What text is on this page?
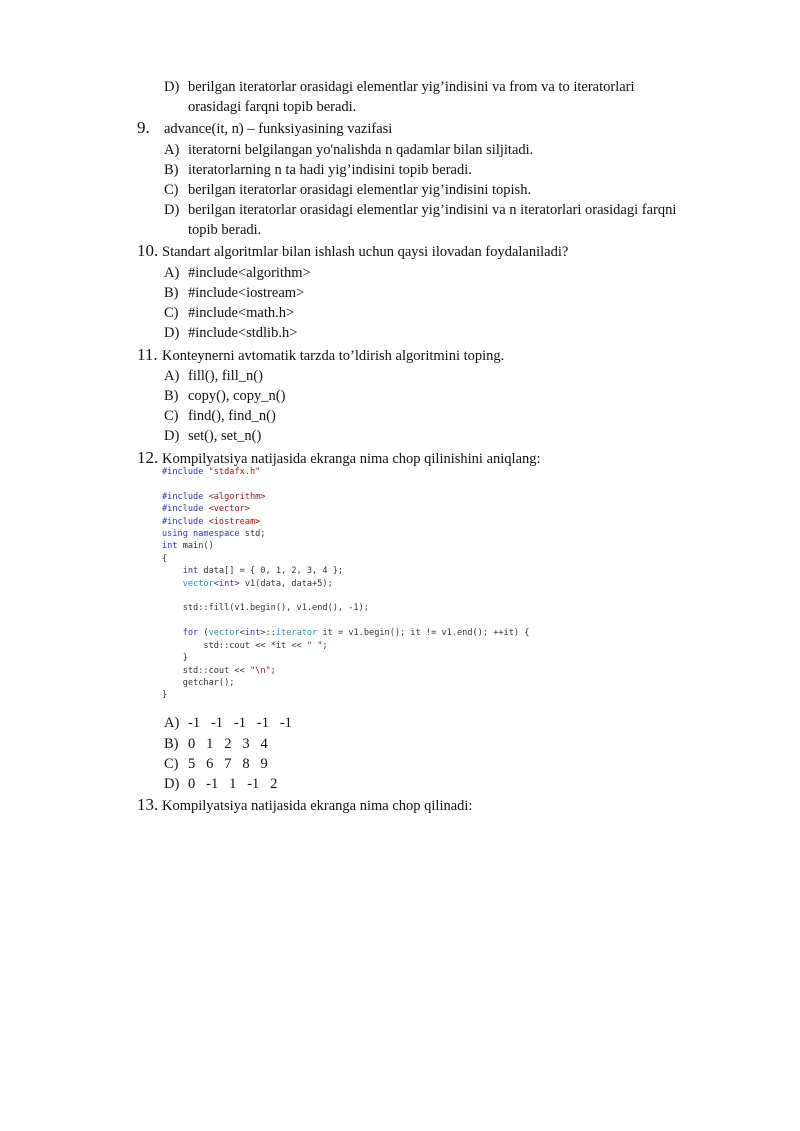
D) berilgan iteratorlar orasidagi elementlar yig’indisini va from va to iteratorlari
orasidagi farqni topib beradi.
9. advance(it, n) – funksiyasining vazifasi
A) iteratorni belgilangan yo'nalishda n qadamlar bilan siljitadi.
B) iteratorlarning n ta hadi yig’indisini topib beradi.
C) berilgan iteratorlar orasidagi elementlar yig’indisini topish.
D) berilgan iteratorlar orasidagi elementlar yig’indisini va n iteratorlari orasidagi farqni
topib beradi.
10. Standart algoritmlar bilan ishlash uchun qaysi ilovadan foydalaniladi?
A) #include<algorithm>
B) #include<iostream>
C) #include<math.h>
D) #include<stdlib.h>
11. Konteynerni avtomatik tarzda to’ldirish algoritmini toping.
A) fill(), fill_n()
B) copy(), copy_n()
C) find(), find_n()
D) set(), set_n()
12. Kompilyatsiya natijasida ekranga nima chop qilinishini aniqlang:
#include "stdafx.h"

#include <algorithm>
#include <vector>
#include <iostream>
using namespace std;
int main()
{
int data[] = { 0, 1, 2, 3, 4 };
vector<int> v1(data, data+5);

std::fill(v1.begin(), v1.end(), -1);

for (vector<int>::iterator it = v1.begin(); it != v1.end(); ++it) {
std::cout << *it << " ";
}
std::cout << "\n";
getchar();
}
A) -1   -1   -1   -1   -1
B) 0   1   2   3   4
C) 5   6   7   8   9
D) 0   -1   1   -1   2
13. Kompilyatsiya natijasida ekranga nima chop qilinadi:
